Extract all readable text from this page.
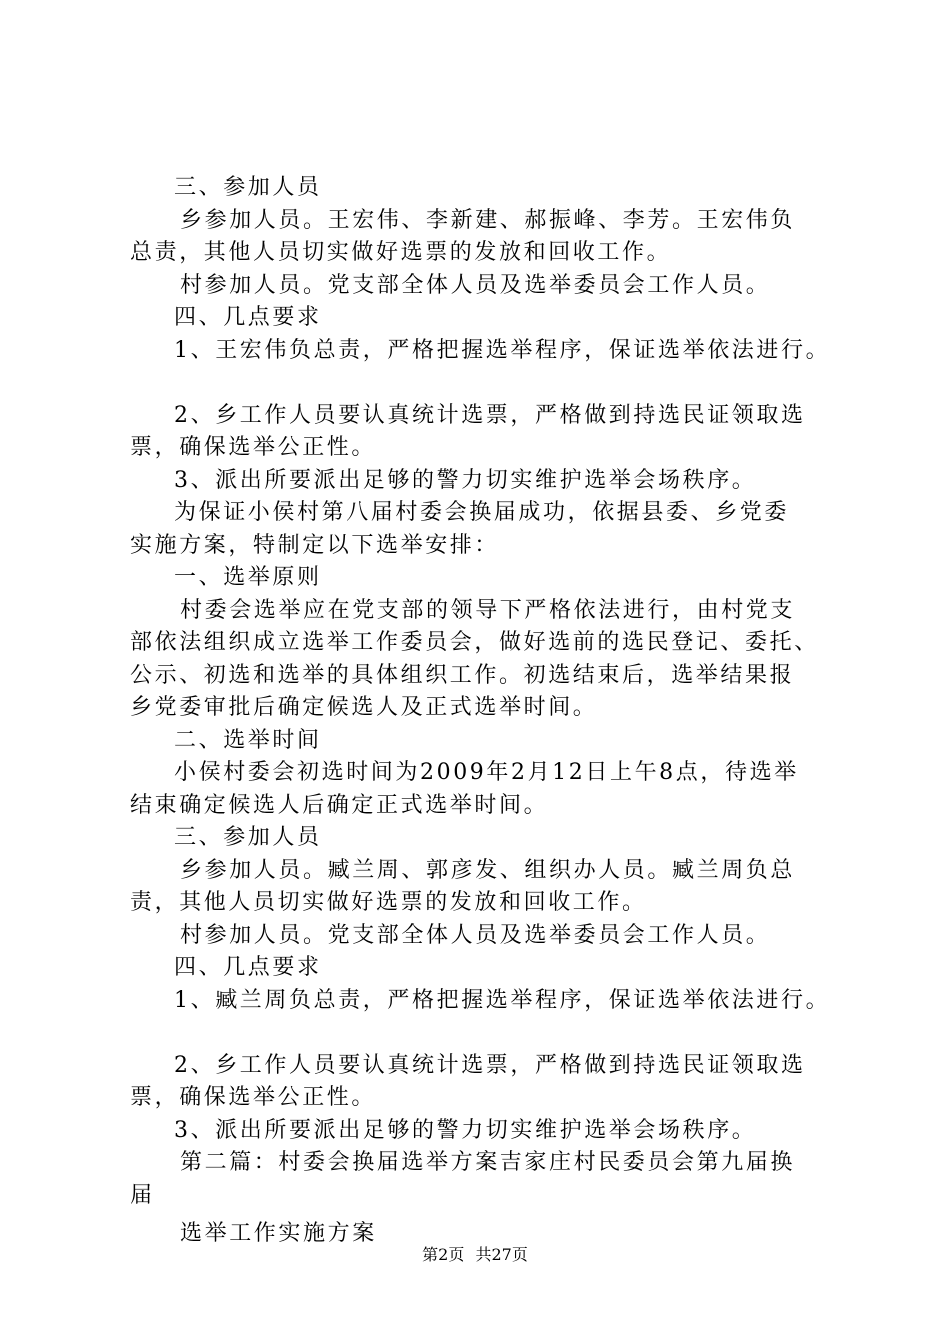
三、参加人员
乡参加人员。王宏伟、李新建、郝振峰、李芳。王宏伟负
总责，其他人员切实做好选票的发放和回收工作。
村参加人员。党支部全体人员及选举委员会工作人员。
四、几点要求
1、王宏伟负总责，严格把握选举程序，保证选举依法进行。
2、乡工作人员要认真统计选票，严格做到持选民证领取选
票，确保选举公正性。
3、派出所要派出足够的警力切实维护选举会场秩序。
为保证小侯村第八届村委会换届成功，依据县委、乡党委
实施方案，特制定以下选举安排：
一、选举原则
村委会选举应在党支部的领导下严格依法进行，由村党支
部依法组织成立选举工作委员会，做好选前的选民登记、委托、
公示、初选和选举的具体组织工作。初选结束后，选举结果报
乡党委审批后确定候选人及正式选举时间。
二、选举时间
小侯村委会初选时间为2009年2月12日上午8点，待选举
结束确定候选人后确定正式选举时间。
三、参加人员
乡参加人员。臧兰周、郭彦发、组织办人员。臧兰周负总
责，其他人员切实做好选票的发放和回收工作。
村参加人员。党支部全体人员及选举委员会工作人员。
四、几点要求
1、臧兰周负总责，严格把握选举程序，保证选举依法进行。
2、乡工作人员要认真统计选票，严格做到持选民证领取选
票，确保选举公正性。
3、派出所要派出足够的警力切实维护选举会场秩序。
第二篇：村委会换届选举方案吉家庄村民委员会第九届换
届
选举工作实施方案
第2页 共27页
